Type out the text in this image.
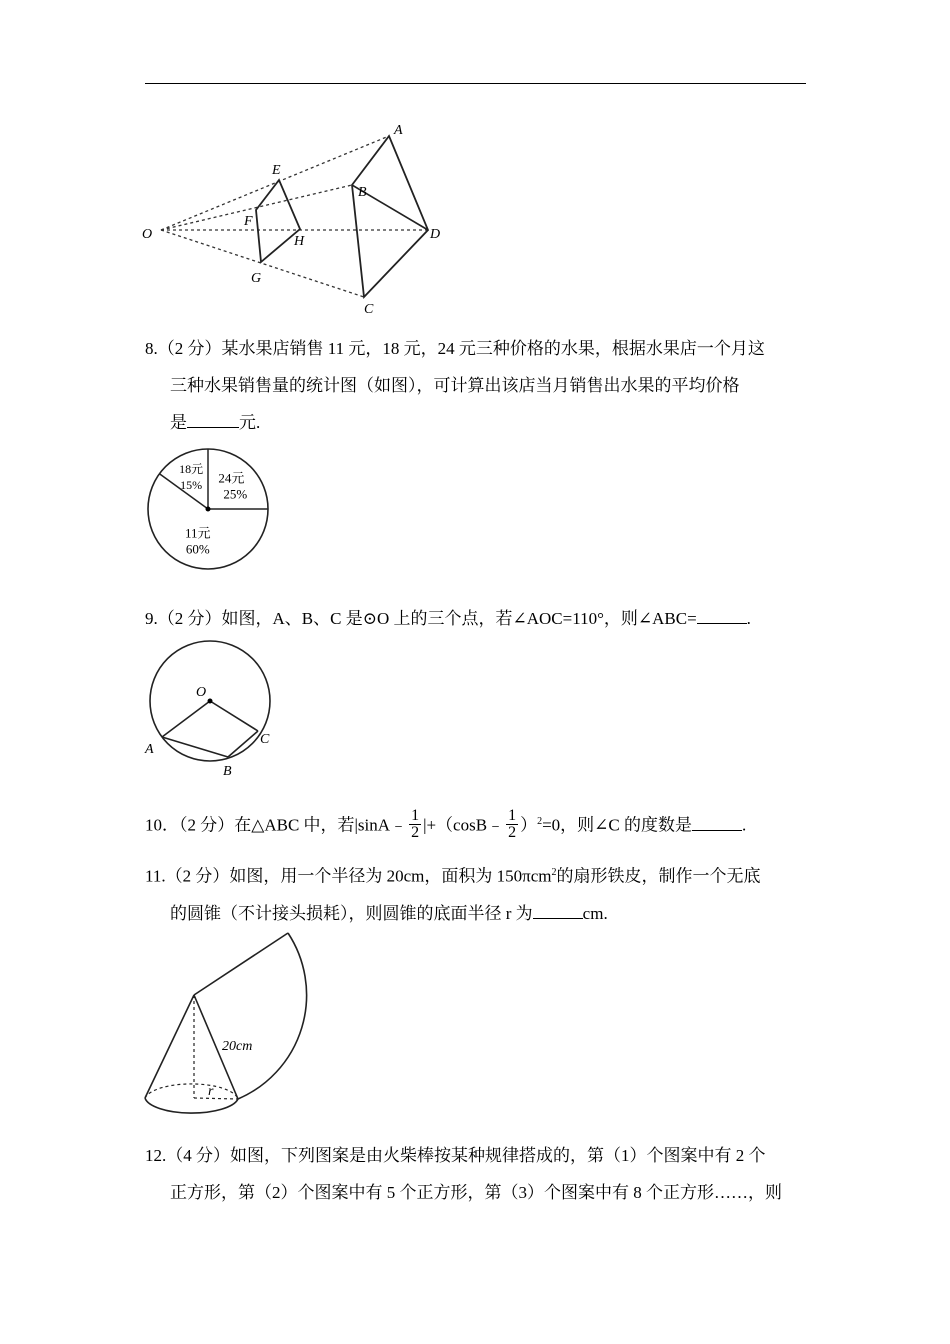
O
A
B
C
D
E
F
G
H
8.（2 分）某水果店销售 11 元，18 元，24 元三种价格的水果，根据水果店一个月这
三种水果销售量的统计图（如图），可计算出该店当月销售出水果的平均价格
是	元.
24元
25%
11元
60%
18元
15%
9.（2 分）如图，A、B、C 是⊙O 上的三个点，若∠AOC=110°，则∠ABC=	.
O
A
B
C
10．（2 分）在△ABC 中，若|sinA﹣ $\frac{1}{2}$ |+（cosB﹣ $\frac{1}{2} )^2=0$，则∠C 的度数是	.
11.（2 分）如图，用一个半径为 20cm，面积为 150πcm$^2$的扇形铁皮，制作一个无底
的圆锥（不计接头损耗），则圆锥的底面半径 r 为	cm.
20cm
r
12.（4 分）如图，下列图案是由火柴棒按某种规律搭成的，第（1）个图案中有 2 个
正方形，第（2）个图案中有 5 个正方形，第（3）个图案中有 8 个正方形……，则
